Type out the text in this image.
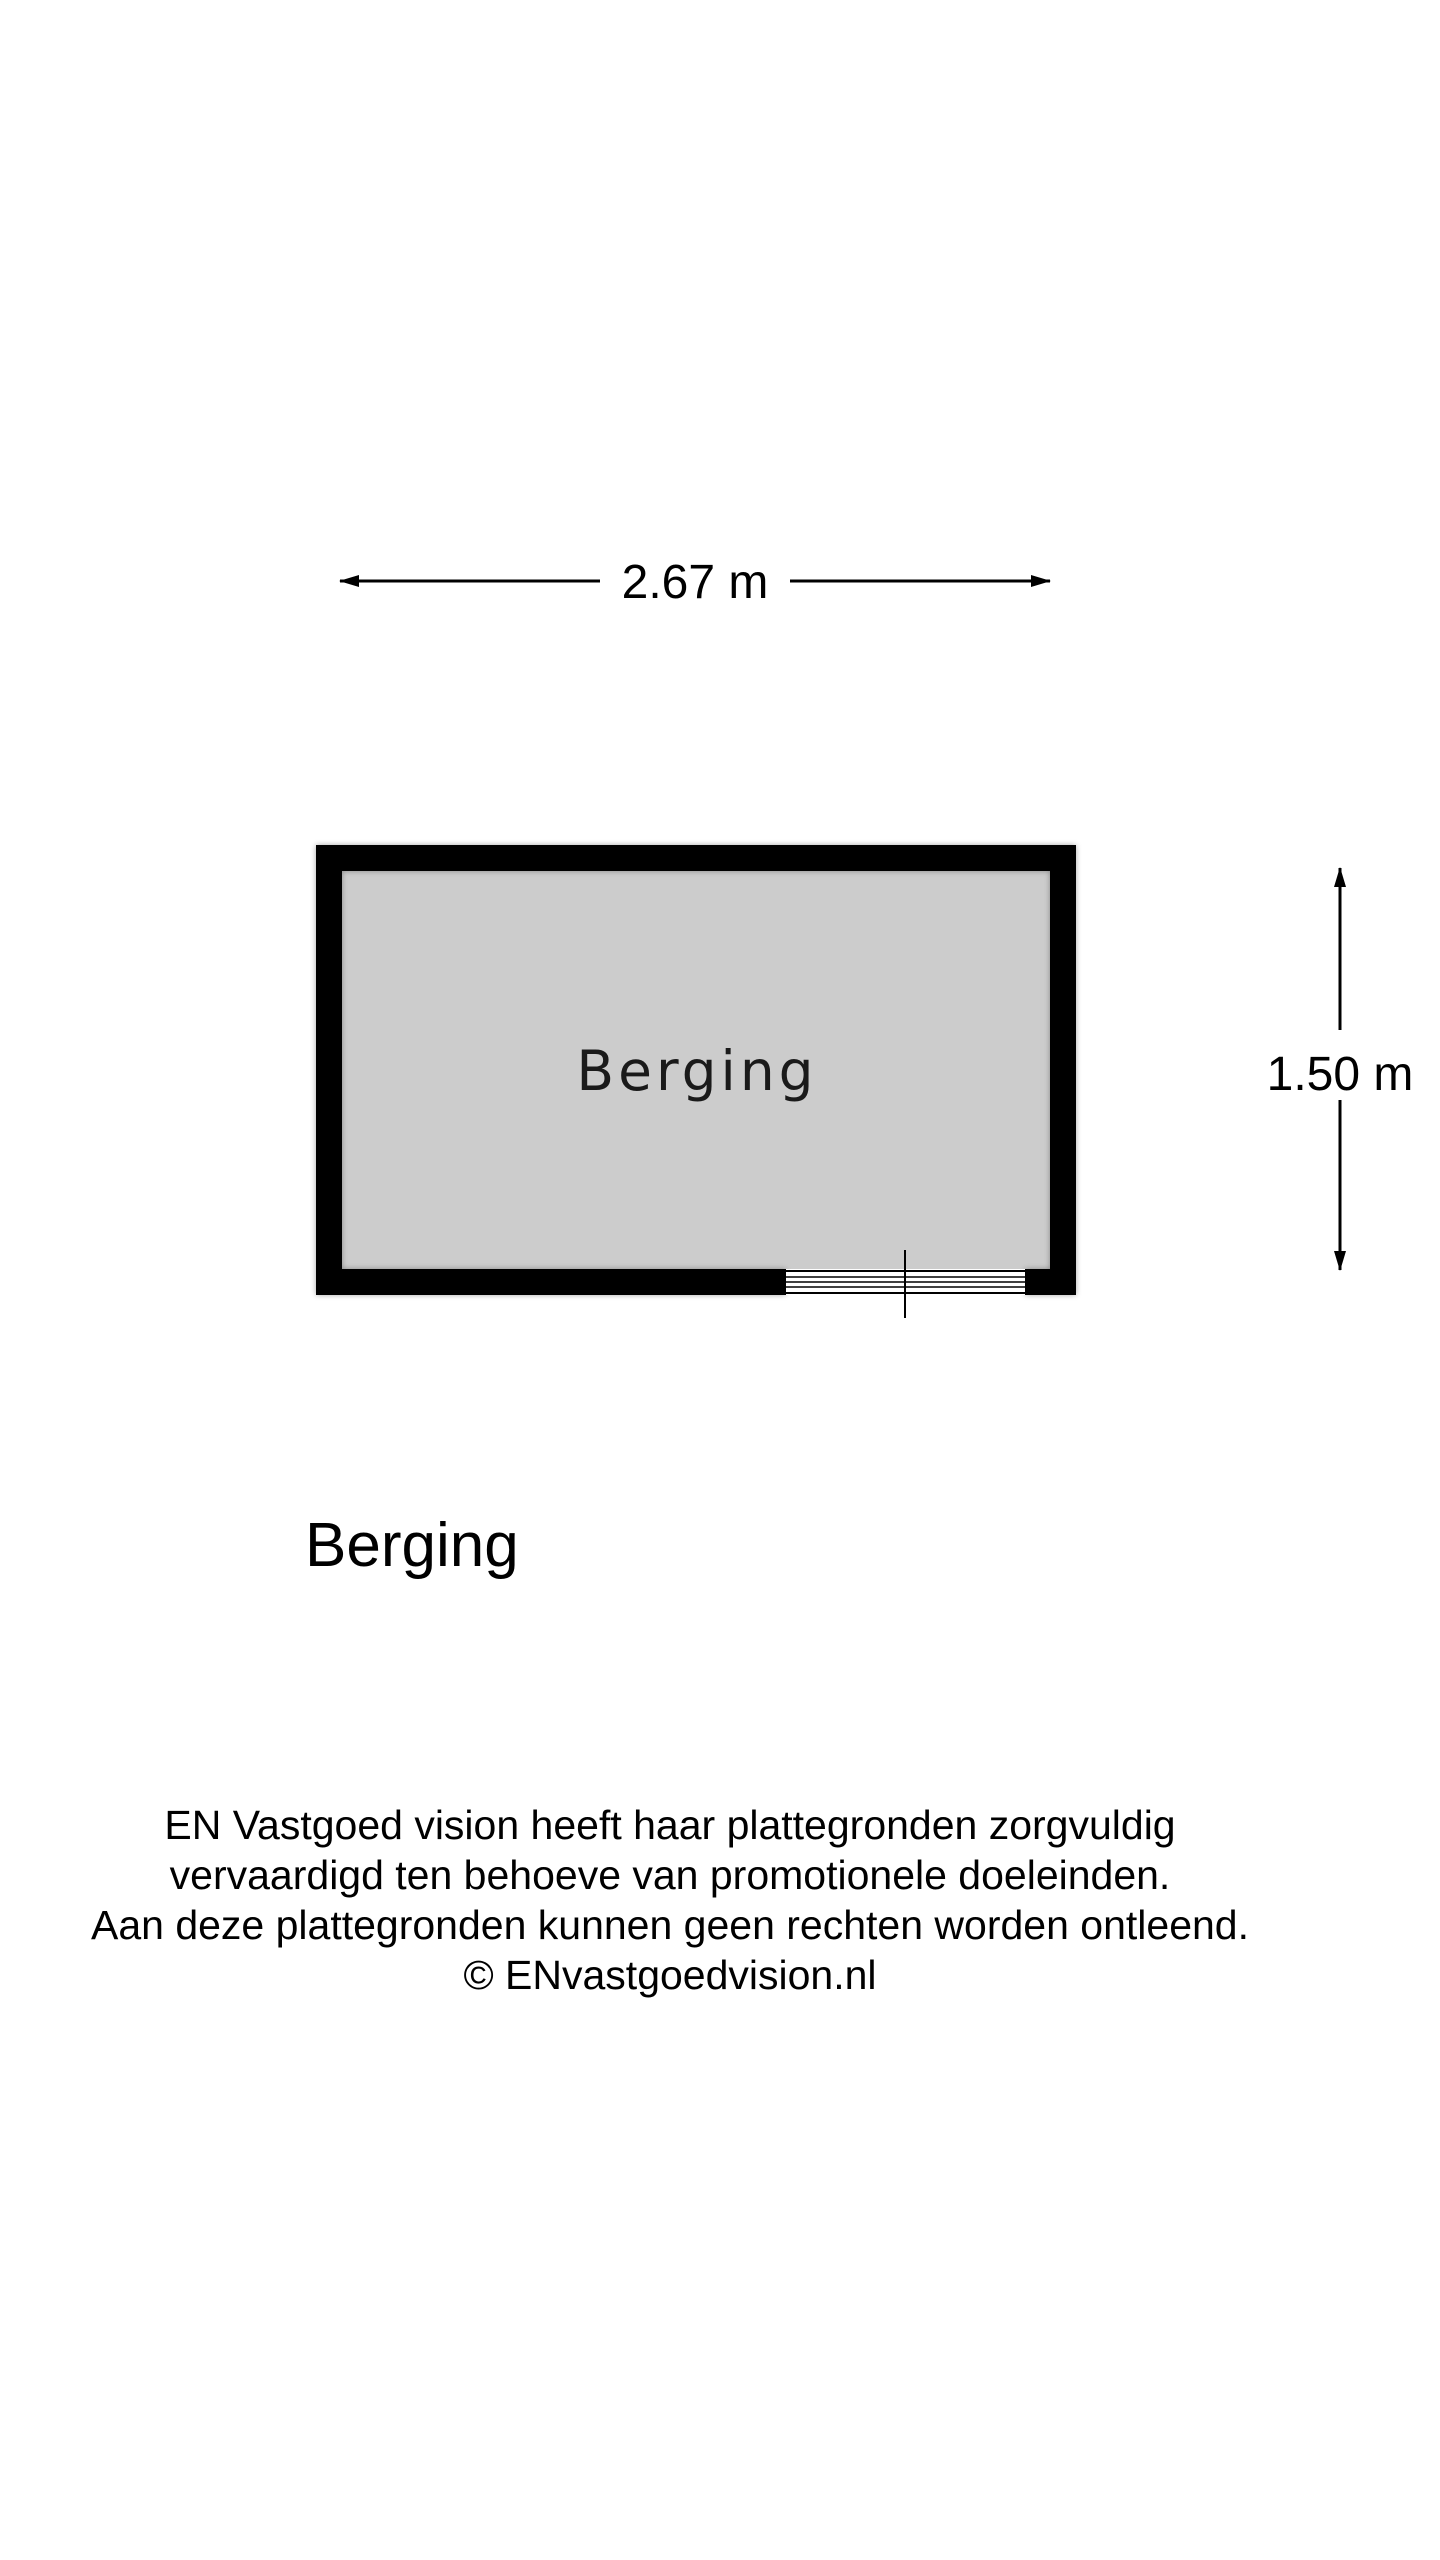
2.67 m
1.50 m
Berging
Berging
EN Vastgoed vision heeft haar plattegronden zorgvuldig
vervaardigd ten behoeve van promotionele doeleinden.
Aan deze plattegronden kunnen geen rechten worden ontleend.
© ENvastgoedvision.nl
